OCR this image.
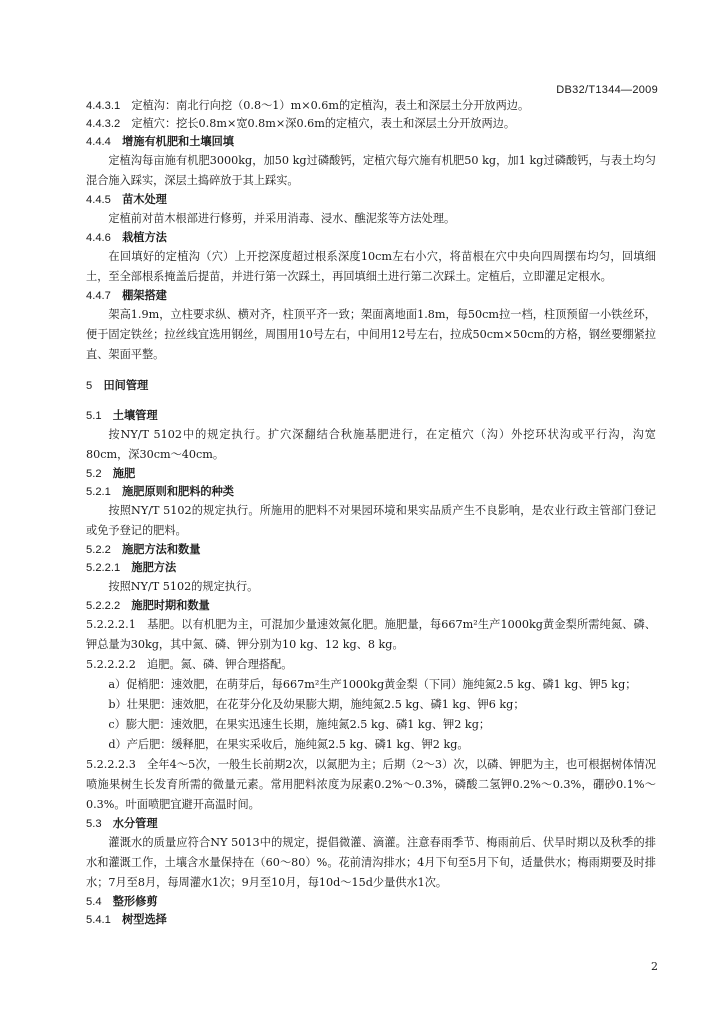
DB32/T1344—2009
4.4.3.1　 定植沟：南北行向挖（0.8～1）m×0.6m的定植沟，表土和深层土分开放两边。
4.4.3.2　 定植穴：挖长0.8m×宽0.8m×深0.6m的定植穴，表土和深层土分开放两边。
4.4.4　 增施有机肥和土壤回填
定植沟每亩施有机肥3000kg，加50 kg过磷酸钙，定植穴每穴施有机肥50 kg，加1 kg过磷酸钙，与表土均匀混合施入踩实，深层土捣碎放于其上踩实。
4.4.5　 苗木处理
定植前对苗木根部进行修剪，并采用消毒、浸水、醮泥浆等方法处理。
4.4.6　 栽植方法
在回填好的定植沟（穴）上开挖深度超过根系深度10cm左右小穴，将苗根在穴中央向四周摆布均匀，回填细土，至全部根系掩盖后提苗，并进行第一次踩土，再回填细土进行第二次踩土。定植后，立即灌足定根水。
4.4.7　 棚架搭建
架高1.9m，立柱要求纵、横对齐，柱顶平齐一致；架面离地面1.8m，每50cm拉一档，柱顶预留一小铁丝环，便于固定铁丝；拉丝线宜选用钢丝，周围用10号左右，中间用12号左右，拉成50cm×50cm的方格，钢丝要绷紧拉直、架面平整。
5　 田间管理
5.1　 土壤管理
按NY/T 5102中的规定执行。扩穴深翻结合秋施基肥进行，在定植穴（沟）外挖环状沟或平行沟，沟宽80cm，深30cm～40cm。
5.2　 施肥
5.2.1　 施肥原则和肥料的种类
按照NY/T 5102的规定执行。所施用的肥料不对果园环境和果实品质产生不良影响，是农业行政主管部门登记或免予登记的肥料。
5.2.2　 施肥方法和数量
5.2.2.1　 施肥方法
按照NY/T 5102的规定执行。
5.2.2.2　 施肥时期和数量
5.2.2.2.1　基肥。以有机肥为主，可混加少量速效氮化肥。施肥量，每667m²生产1000kg黄金梨所需纯氮、磷、钾总量为30kg，其中氮、磷、钾分别为10 kg、12 kg、8 kg。
5.2.2.2.2　追肥。氮、磷、钾合理搭配。
a）促梢肥：速效肥，在萌芽后，每667m²生产1000kg黄金梨（下同）施纯氮2.5 kg、磷1 kg、钾5 kg；
b）壮果肥：速效肥，在花芽分化及幼果膨大期，施纯氮2.5 kg、磷1 kg、钾6 kg；
c）膨大肥：速效肥，在果实迅速生长期，施纯氮2.5 kg、磷1 kg、钾2 kg；
d）产后肥：缓释肥，在果实采收后，施纯氮2.5 kg、磷1 kg、钾2 kg。
5.2.2.2.3　全年4～5次，一般生长前期2次，以氮肥为主；后期（2～3）次，以磷、钾肥为主，也可根据树体情况喷施果树生长发育所需的微量元素。常用肥料浓度为尿素0.2%～0.3%，磷酸二氢钾0.2%～0.3%，硼砂0.1%～0.3%。叶面喷肥宜避开高温时间。
5.3　 水分管理
灌溉水的质量应符合NY 5013中的规定，提倡微灌、滴灌。注意春雨季节、梅雨前后、伏旱时期以及秋季的排水和灌溉工作，土壤含水量保持在（60～80）%。花前清沟排水；4月下旬至5月下旬，适量供水；梅雨期要及时排水；7月至8月，每周灌水1次；9月至10月，每10d～15d少量供水1次。
5.4　 整形修剪
5.4.1　 树型选择
2
